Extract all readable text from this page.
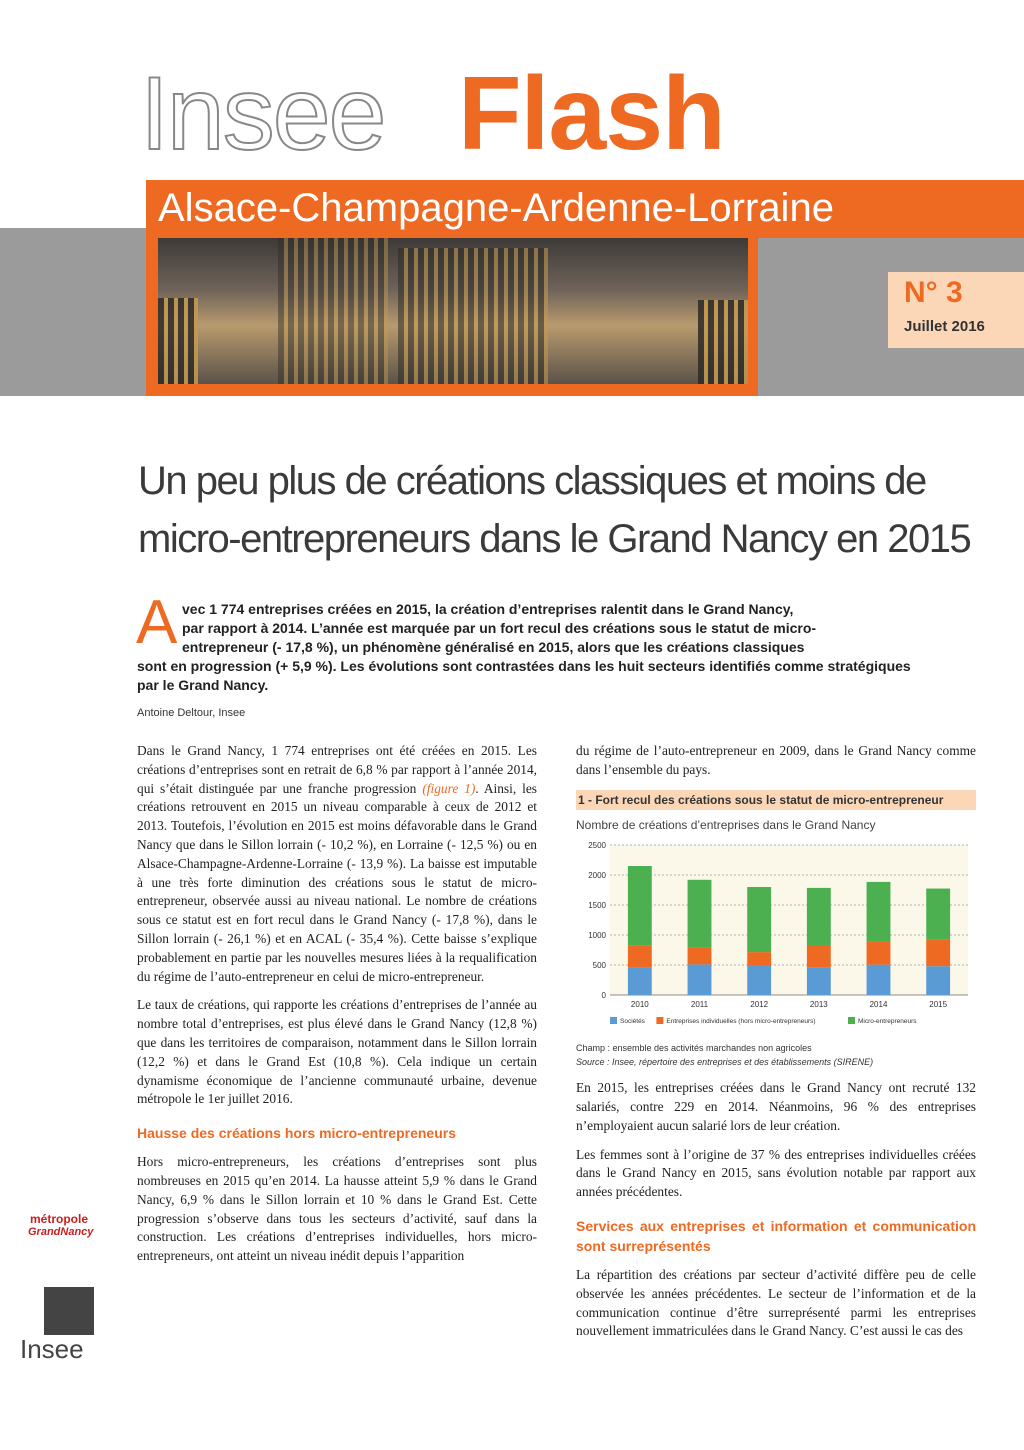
Insee Flash
Alsace-Champagne-Ardenne-Lorraine
N° 3
Juillet 2016
Un peu plus de créations classiques et moins de
micro-entrepreneurs dans le Grand Nancy en 2015
A vec 1 774 entreprises créées en 2015, la création d’entreprises ralentit dans le Grand Nancy,
par rapport à 2014. L’année est marquée par un fort recul des créations sous le statut de micro-
entrepreneur (- 17,8 %), un phénomène généralisé en 2015, alors que les créations classiques
sont en progression (+ 5,9 %). Les évolutions sont contrastées dans les huit secteurs identifiés comme stratégiques par le Grand Nancy.
Antoine Deltour, Insee

Dans le Grand Nancy, 1 774 entreprises ont été créées en 2015. Les créations d’entreprises sont en retrait de 6,8 % par rapport à l’année 2014, qui s’était distinguée par une franche progression (figure 1). Ainsi, les créations retrouvent en 2015 un niveau comparable à ceux de 2012 et 2013. Toutefois, l’évolution en 2015 est moins défavorable dans le Grand Nancy que dans le Sillon lorrain (- 10,2 %), en Lorraine (- 12,5 %) ou en Alsace-Champagne-Ardenne-Lorraine (- 13,9 %). La baisse est imputable à une très forte diminution des créations sous le statut de micro-entrepreneur, observée aussi au niveau national. Le nombre de créations sous ce statut est en fort recul dans le Grand Nancy (- 17,8 %), dans le Sillon lorrain (- 26,1 %) et en ACAL (- 35,4 %). Cette baisse s’explique probablement en partie par les nouvelles mesures liées à la requalification du régime de l’auto-entrepreneur en celui de micro-entrepreneur.

Le taux de créations, qui rapporte les créations d’entreprises de l’année au nombre total d’entreprises, est plus élevé dans le Grand Nancy (12,8 %) que dans les territoires de comparaison, notamment dans le Sillon lorrain (12,2 %) et dans le Grand Est (10,8 %). Cela indique un certain dynamisme économique de l’ancienne communauté urbaine, devenue métropole le 1er juillet 2016.

Hausse des créations hors micro-entrepreneurs

Hors micro-entrepreneurs, les créations d’entreprises sont plus nombreuses en 2015 qu’en 2014. La hausse atteint 5,9 % dans le Grand Nancy, 6,9 % dans le Sillon lorrain et 10 % dans le Grand Est. Cette progression s’observe dans tous les secteurs d’activité, sauf dans la construction. Les créations d’entreprises individuelles, hors micro-entrepreneurs, ont atteint un niveau inédit depuis l’apparition

du régime de l’auto-entrepreneur en 2009, dans le Grand Nancy comme dans l’ensemble du pays.

1 - Fort recul des créations sous le statut de micro-entrepreneur
Nombre de créations d’entreprises dans le Grand Nancy
0
500
1000
1500
2000
2500
2010	2011	2012	2013	2014	2015
Sociétés	Entreprises individuelles (hors micro-entrepreneurs)	Micro-entrepreneurs
Champ : ensemble des activités marchandes non agricoles
Source : Insee, répertoire des entreprises et des établissements (SIRENE)

En 2015, les entreprises créées dans le Grand Nancy ont recruté 132 salariés, contre 229 en 2014. Néanmoins, 96 % des entreprises n’employaient aucun salarié lors de leur création.

Les femmes sont à l’origine de 37 % des entreprises individuelles créées dans le Grand Nancy en 2015, sans évolution notable par rapport aux années précédentes.

Services aux entreprises et information et communication sont surreprésentés

La répartition des créations par secteur d’activité diffère peu de celle observée les années précédentes. Le secteur de l’information et de la communication continue d’être surreprésenté parmi les entreprises nouvellement immatriculées dans le Grand Nancy. C’est aussi le cas des

métropole
GrandNancy
Insee
